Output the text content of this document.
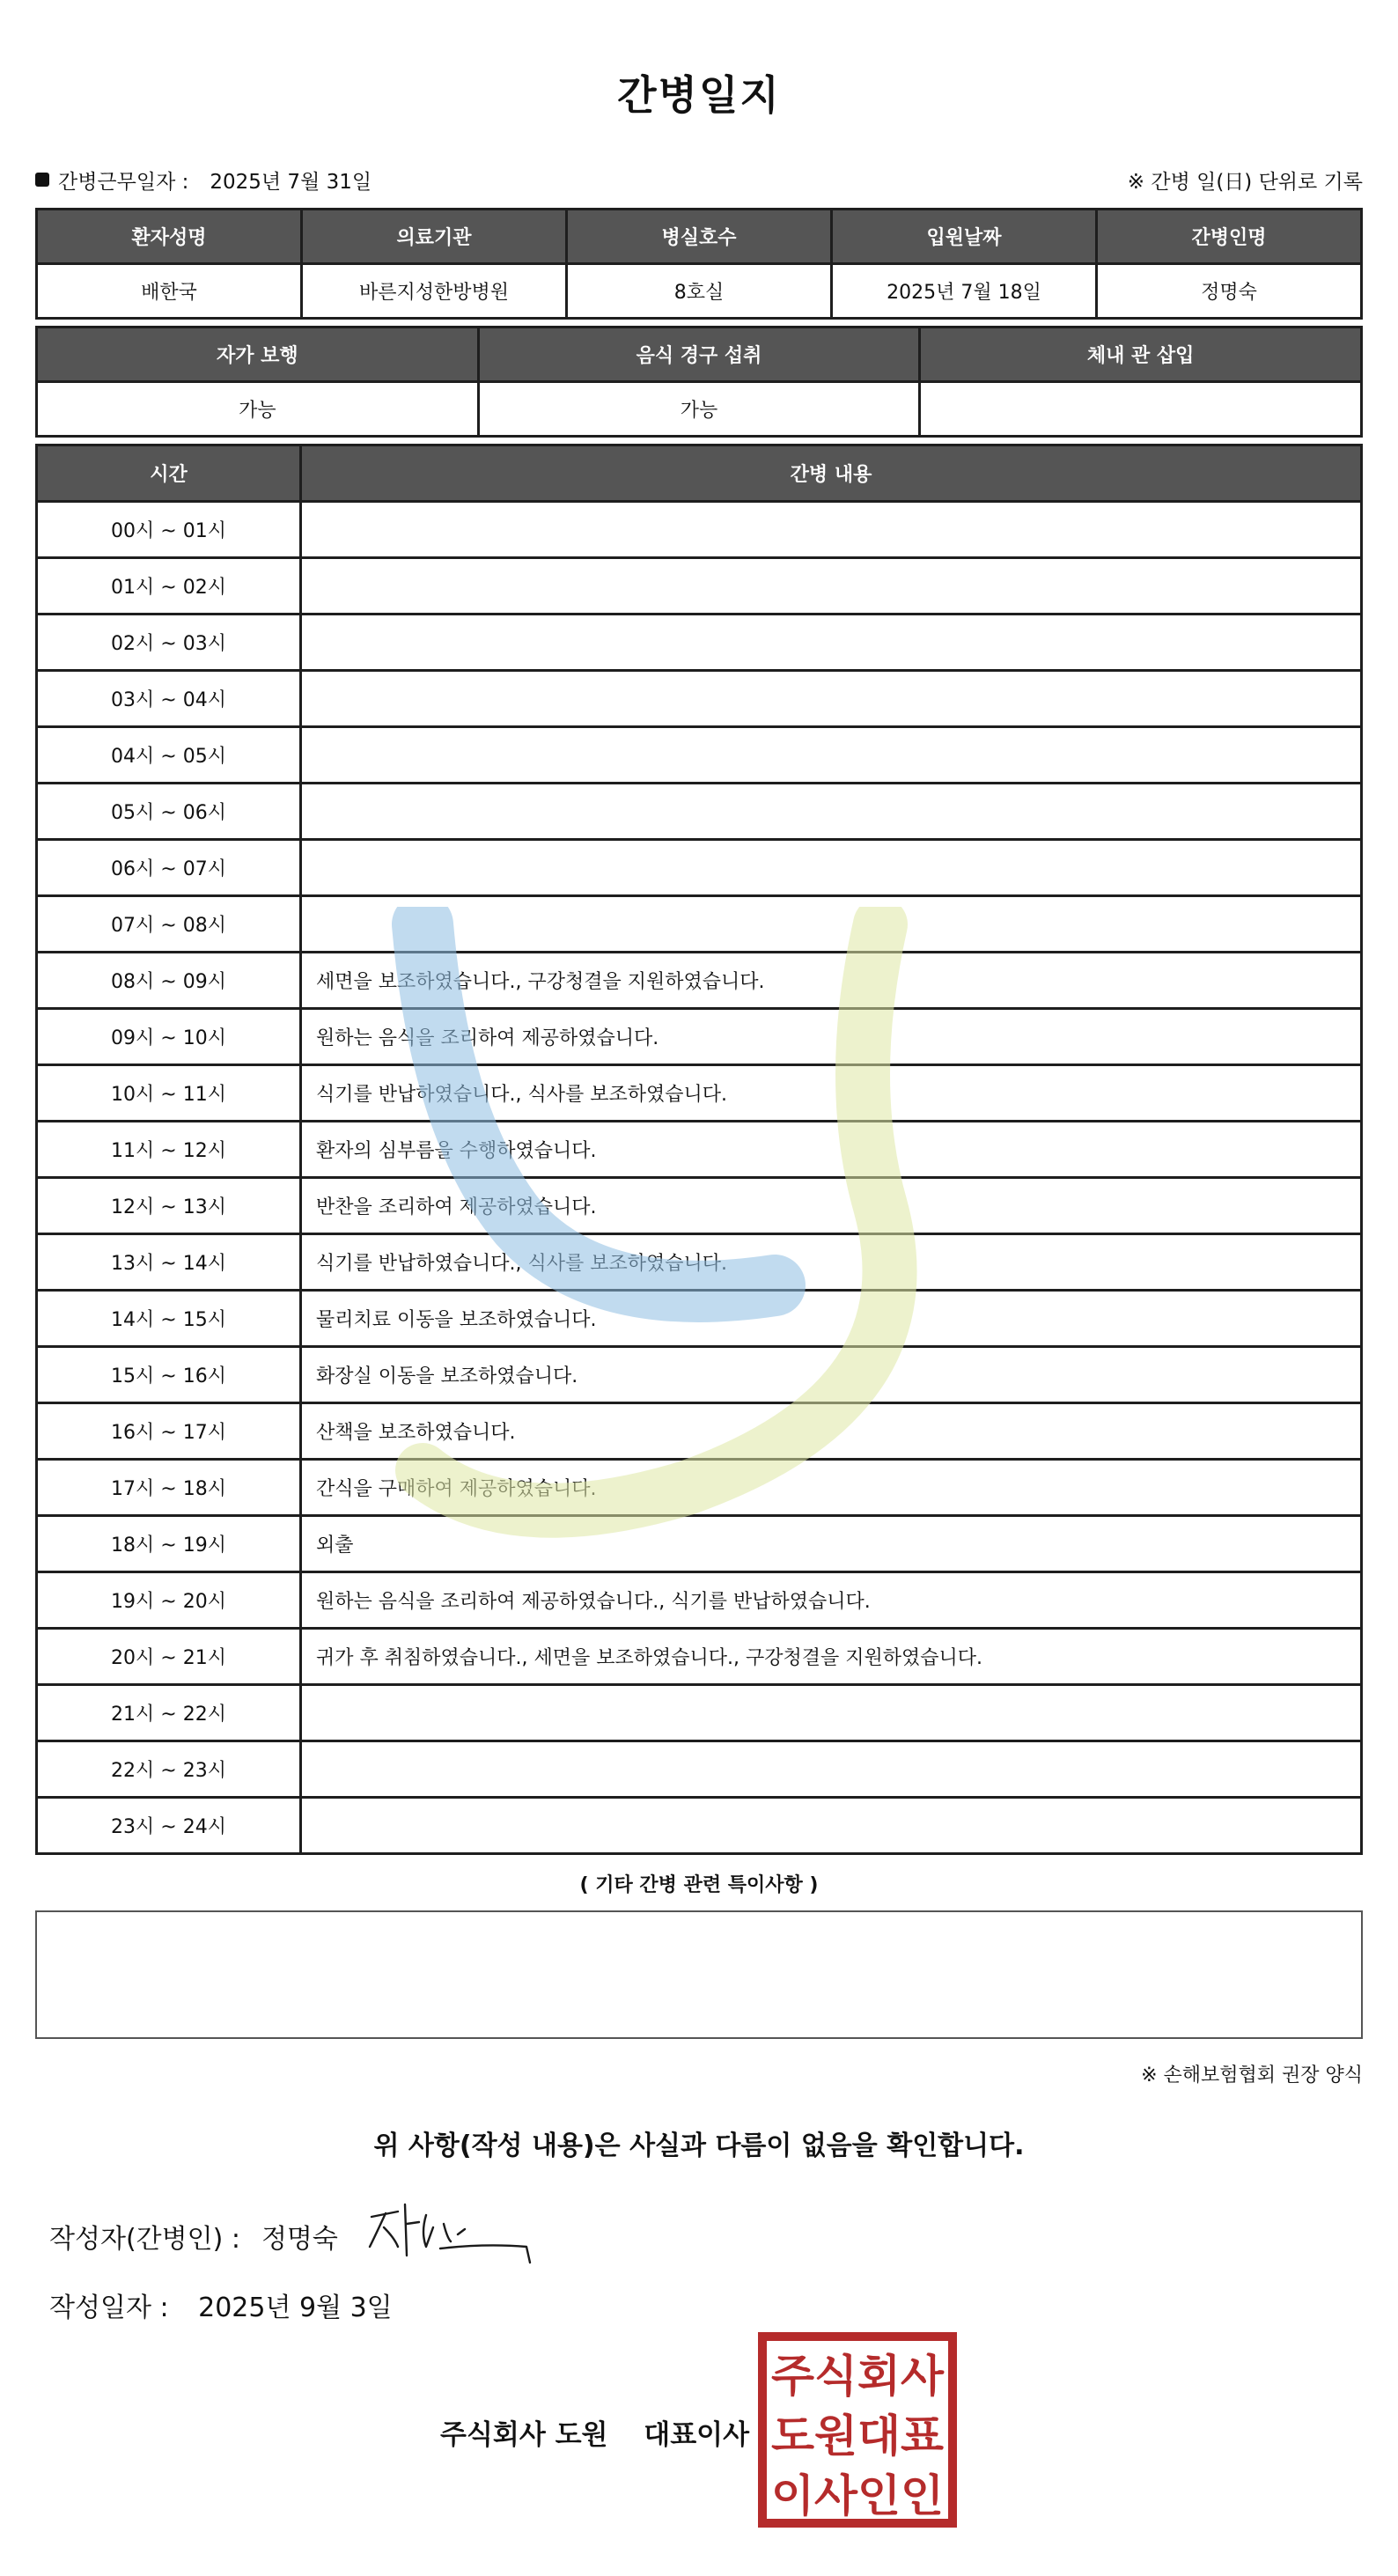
간병일지
간병근무일자 : 2025년 7월 31일	※ 간병 일(日) 단위로 기록
환자성명	의료기관	병실호수	입원날짜	간병인명
배한국	바른지성한방병원	8호실	2025년 7월 18일	정명숙
자가 보행	음식 경구 섭취	체내 관 삽입
가능	가능	
시간	간병 내용
00시 ~ 01시	
01시 ~ 02시	
02시 ~ 03시	
03시 ~ 04시	
04시 ~ 05시	
05시 ~ 06시	
06시 ~ 07시	
07시 ~ 08시	
08시 ~ 09시	세면을 보조하였습니다., 구강청결을 지원하였습니다.
09시 ~ 10시	원하는 음식을 조리하여 제공하였습니다.
10시 ~ 11시	식기를 반납하였습니다., 식사를 보조하였습니다.
11시 ~ 12시	환자의 심부름을 수행하였습니다.
12시 ~ 13시	반찬을 조리하여 제공하였습니다.
13시 ~ 14시	식기를 반납하였습니다., 식사를 보조하였습니다.
14시 ~ 15시	물리치료 이동을 보조하였습니다.
15시 ~ 16시	화장실 이동을 보조하였습니다.
16시 ~ 17시	산책을 보조하였습니다.
17시 ~ 18시	간식을 구매하여 제공하였습니다.
18시 ~ 19시	외출
19시 ~ 20시	원하는 음식을 조리하여 제공하였습니다., 식기를 반납하였습니다.
20시 ~ 21시	귀가 후 취침하였습니다., 세면을 보조하였습니다., 구강청결을 지원하였습니다.
21시 ~ 22시	
22시 ~ 23시	
23시 ~ 24시	
( 기타 간병 관련 특이사항 )
※ 손해보험협회 권장 양식
위 사항(작성 내용)은 사실과 다름이 없음을 확인합니다.
작성자(간병인) : 정명숙
작성일자 : 2025년 9월 3일
주식회사 도원 대표이사
주식회사
도원대표
이사인인
